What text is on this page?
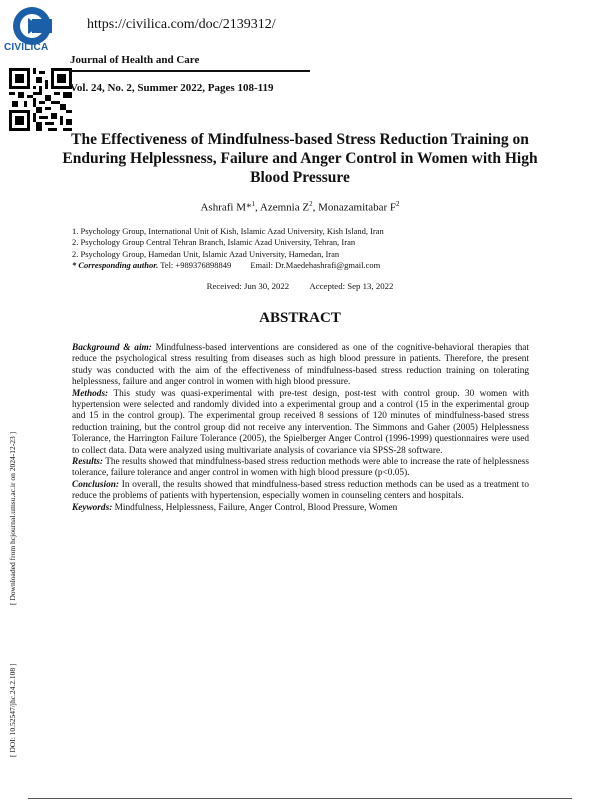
CIVILICA
https://civilica.com/doc/2139312/
Journal of Health and Care
Vol. 24, No. 2, Summer 2022, Pages 108-119
The Effectiveness of Mindfulness-based Stress Reduction Training on Enduring Helplessness, Failure and Anger Control in Women with High Blood Pressure
Ashrafi M*$^1$, Azemnia $Z^2$, Monazamitabar $F^2$
1. Psychology Group, International Unit of Kish, Islamic Azad University, Kish Island, Iran
2. Psychology Group Central Tehran Branch, Islamic Azad University, Tehran, Iran
2. Psychology Group, Hamedan Unit, Islamic Azad University, Hamedan, Iran
* Corresponding author. Tel: +989376898849 Email: Dr.Maedehashrafi@gmail.com
Received: Jun 30, 2022 Accepted: Sep 13, 2022
ABSTRACT

Background & aim: Mindfulness-based interventions are considered as one of the cognitive-behavioral therapies that reduce the psychological stress resulting from diseases such as high blood pressure in patients. Therefore, the present study was conducted with the aim of the effectiveness of mindfulness-based stress reduction training on tolerating helplessness, failure and anger control in women with high blood pressure.

Methods: This study was quasi-experimental with pre-test design, post-test with control group. 30 women with hypertension were selected and randomly divided into a experimental group and a control (15 in the experimental group and 15 in the control group). The experimental group received 8 sessions of 120 minutes of mindfulness-based stress reduction training, but the control group did not receive any intervention. The Simmons and Gaher (2005) Helplessness Tolerance, the Harrington Failure Tolerance (2005), the Spielberger Anger Control (1996-1999) questionnaires were used to collect data. Data were analyzed using multivariate analysis of covariance via SPSS-28 software.

Results: The results showed that mindfulness-based stress reduction methods were able to increase the rate of helplessness tolerance, failure tolerance and anger control in women with high blood pressure (p<0.05).

Conclusion: In overall, the results showed that mindfulness-based stress reduction methods can be used as a treatment to reduce the problems of patients with hypertension, especially women in counseling centers and hospitals.

Keywords: Mindfulness, Helplessness, Failure, Anger Control, Blood Pressure, Women

[ Downloaded from hcjournal.umsu.ac.ir on 2024-12-23 ]
[ DOI: 10.52547/jhc.24.2.108 ]
